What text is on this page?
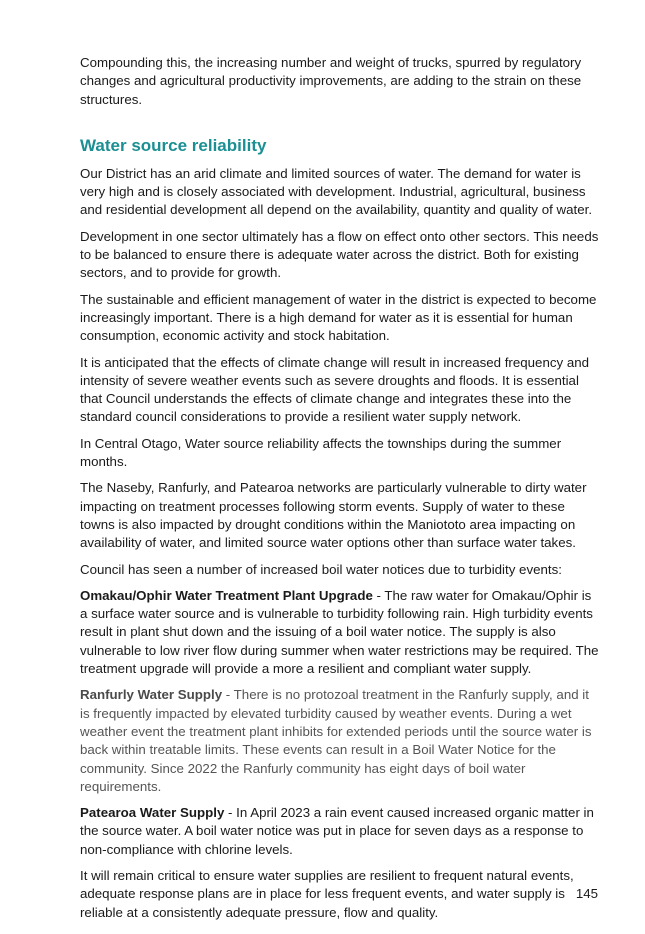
Compounding this, the increasing number and weight of trucks, spurred by regulatory changes and agricultural productivity improvements, are adding to the strain on these structures.

Water source reliability

Our District has an arid climate and limited sources of water. The demand for water is very high and is closely associated with development. Industrial, agricultural, business and residential development all depend on the availability, quantity and quality of water.

Development in one sector ultimately has a flow on effect onto other sectors. This needs to be balanced to ensure there is adequate water across the district. Both for existing sectors, and to provide for growth.

The sustainable and efficient management of water in the district is expected to become increasingly important. There is a high demand for water as it is essential for human consumption, economic activity and stock habitation.

It is anticipated that the effects of climate change will result in increased frequency and intensity of severe weather events such as severe droughts and floods. It is essential that Council understands the effects of climate change and integrates these into the standard council considerations to provide a resilient water supply network.

In Central Otago, Water source reliability affects the townships during the summer months.

The Naseby, Ranfurly, and Patearoa networks are particularly vulnerable to dirty water impacting on treatment processes following storm events. Supply of water to these towns is also impacted by drought conditions within the Maniototo area impacting on availability of water, and limited source water options other than surface water takes.

Council has seen a number of increased boil water notices due to turbidity events:

Omakau/Ophir Water Treatment Plant Upgrade - The raw water for Omakau/Ophir is a surface water source and is vulnerable to turbidity following rain. High turbidity events result in plant shut down and the issuing of a boil water notice. The supply is also vulnerable to low river flow during summer when water restrictions may be required. The treatment upgrade will provide a more a resilient and compliant water supply.

Ranfurly Water Supply - There is no protozoal treatment in the Ranfurly supply, and it is frequently impacted by elevated turbidity caused by weather events. During a wet weather event the treatment plant inhibits for extended periods until the source water is back within treatable limits. These events can result in a Boil Water Notice for the community. Since 2022 the Ranfurly community has eight days of boil water requirements.

Patearoa Water Supply - In April 2023 a rain event caused increased organic matter in the source water. A boil water notice was put in place for seven days as a response to non-compliance with chlorine levels.

It will remain critical to ensure water supplies are resilient to frequent natural events, adequate response plans are in place for less frequent events, and water supply is reliable at a consistently adequate pressure, flow and quality.

145
